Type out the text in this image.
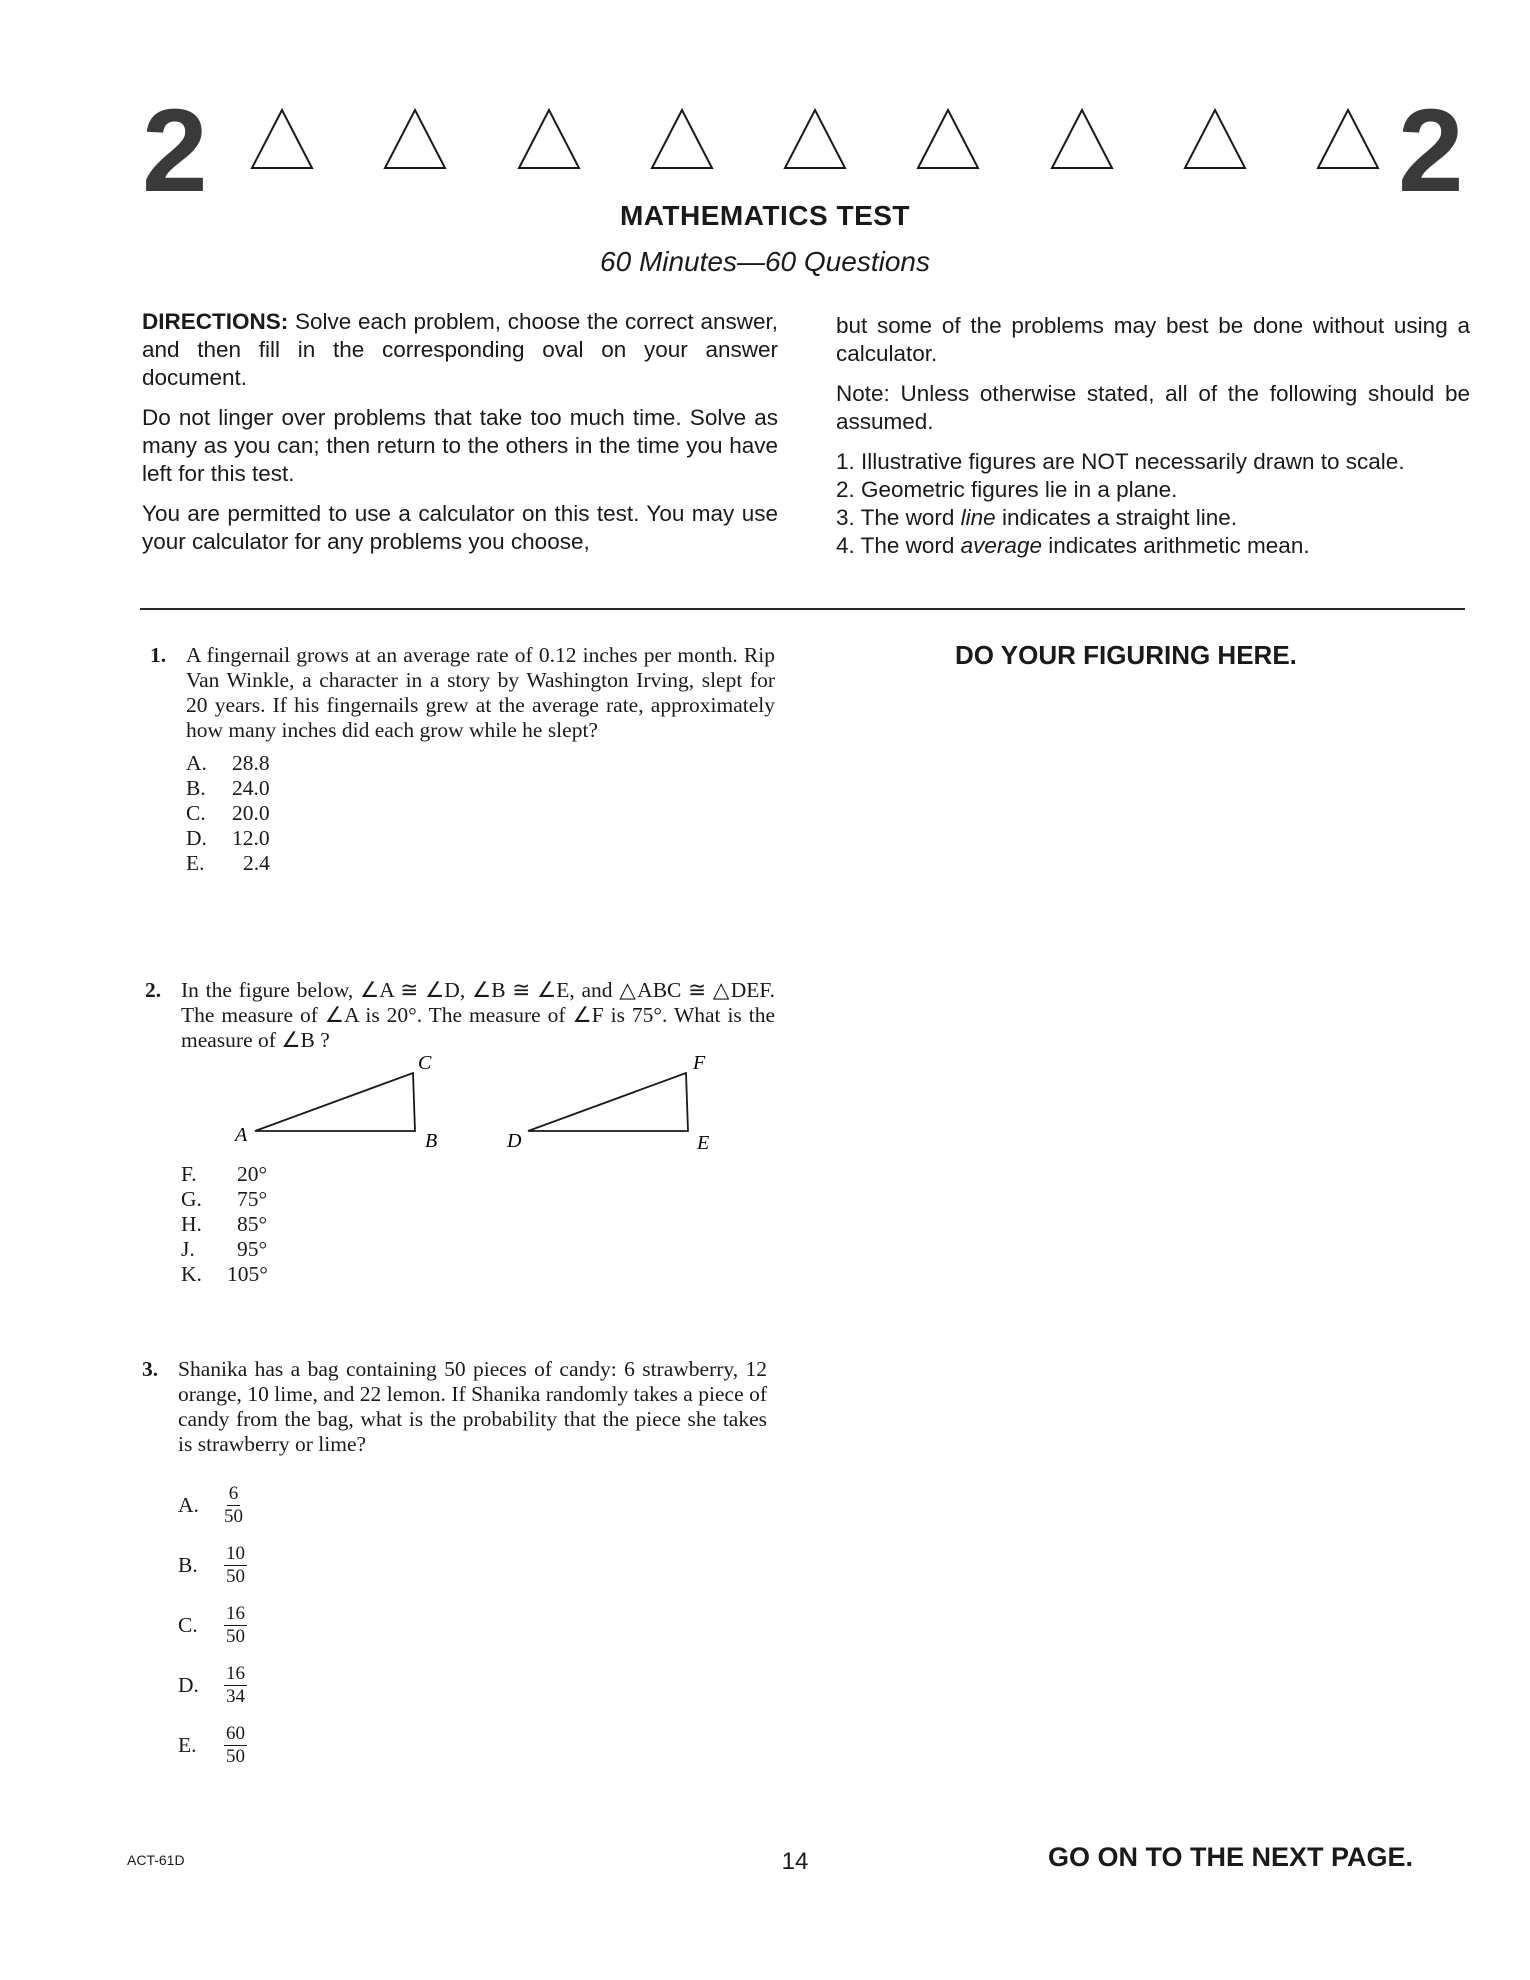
2	2
MATHEMATICS TEST
60 Minutes—60 Questions

DIRECTIONS: Solve each problem, choose the correct answer, and then fill in the corresponding oval on your answer document.

Do not linger over problems that take too much time. Solve as many as you can; then return to the others in the time you have left for this test.

You are permitted to use a calculator on this test. You may use your calculator for any problems you choose,

but some of the problems may best be done without using a calculator.

Note: Unless otherwise stated, all of the following should be assumed.

1. Illustrative figures are NOT necessarily drawn to scale.
2. Geometric figures lie in a plane.
3. The word line indicates a straight line.
4. The word average indicates arithmetic mean.
1. A fingernail grows at an average rate of 0.12 inches per month. Rip Van Winkle, a character in a story by Washington Irving, slept for 20 years. If his fingernails grew at the average rate, approximately how many inches did each grow while he slept?
A.	28.8
B.	24.0
C.	20.0
D.	12.0
E.	2.4
2. In the figure below, ∠A ≅ ∠D, ∠B ≅ ∠E, and △ABC ≅ △DEF. The measure of ∠A is 20°. The measure of ∠F is 75°. What is the measure of ∠B ?
A	B
C
D	E
F
F.	20°
G.	75°
H.	85°
J.	95°
K.	105°
3. Shanika has a bag containing 50 pieces of candy: 6 strawberry, 12 orange, 10 lime, and 22 lemon. If Shanika randomly takes a piece of candy from the bag, what is the probability that the piece she takes is strawberry or lime?
A.	$\frac{6}{50}$
B.	$\frac{10}{50}$
C.	$\frac{16}{50}$
D.	$\frac{16}{34}$
E.	$\frac{60}{50}$
DO YOUR FIGURING HERE.
ACT-61D	14	GO ON TO THE NEXT PAGE.
